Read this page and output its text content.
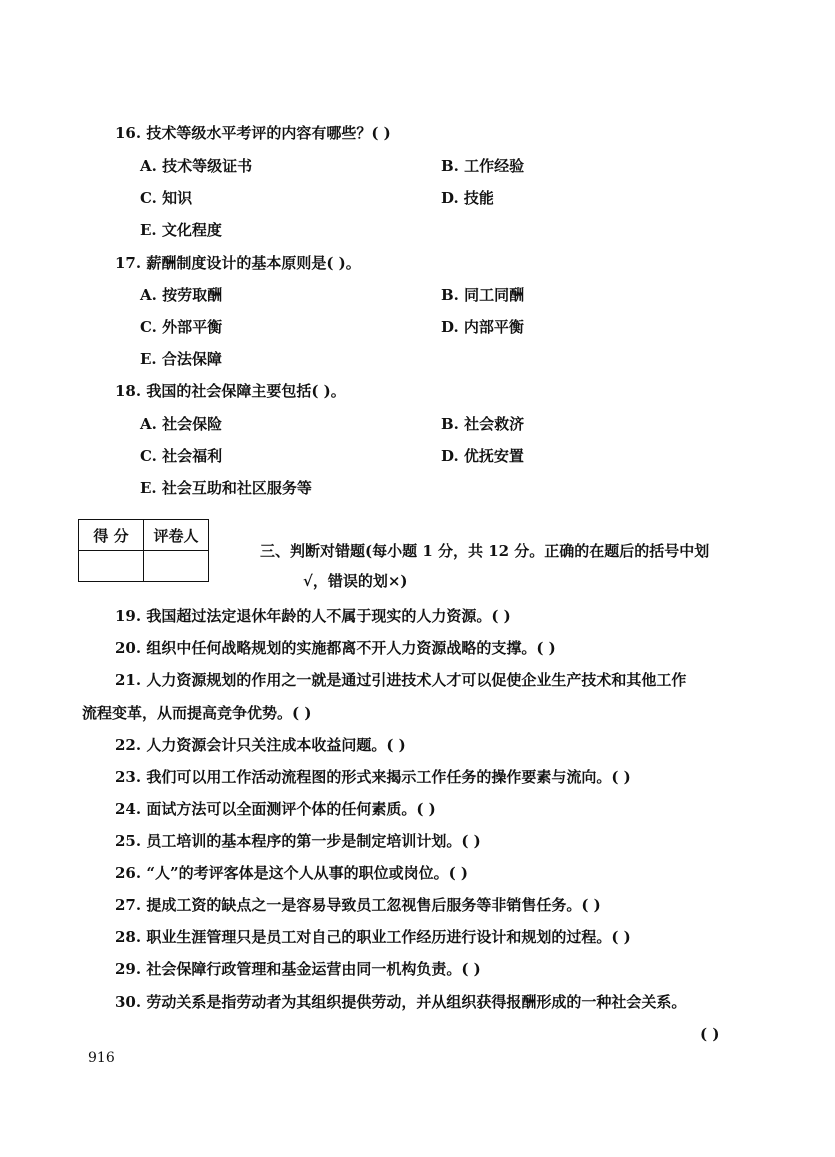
16. 技术等级水平考评的内容有哪些？( )
A. 技术等级证书	B. 工作经验
C. 知识	D. 技能
E. 文化程度
17. 薪酬制度设计的基本原则是( )。
A. 按劳取酬	B. 同工同酬
C. 外部平衡	D. 内部平衡
E. 合法保障
18. 我国的社会保障主要包括( )。
A. 社会保险	B. 社会救济
C. 社会福利	D. 优抚安置
E. 社会互助和社区服务等
得 分	评卷人

三、判断对错题(每小题 1 分，共 12 分。正确的在题后的括号中划
√，错误的划×)
19. 我国超过法定退休年龄的人不属于现实的人力资源。( )
20. 组织中任何战略规划的实施都离不开人力资源战略的支撑。( )
21. 人力资源规划的作用之一就是通过引进技术人才可以促使企业生产技术和其他工作
流程变革，从而提高竞争优势。( )
22. 人力资源会计只关注成本收益问题。( )
23. 我们可以用工作活动流程图的形式来揭示工作任务的操作要素与流向。( )
24. 面试方法可以全面测评个体的任何素质。( )
25. 员工培训的基本程序的第一步是制定培训计划。( )
26. “人”的考评客体是这个人从事的职位或岗位。( )
27. 提成工资的缺点之一是容易导致员工忽视售后服务等非销售任务。( )
28. 职业生涯管理只是员工对自己的职业工作经历进行设计和规划的过程。( )
29. 社会保障行政管理和基金运营由同一机构负责。( )
30. 劳动关系是指劳动者为其组织提供劳动，并从组织获得报酬形成的一种社会关系。
( )
916
